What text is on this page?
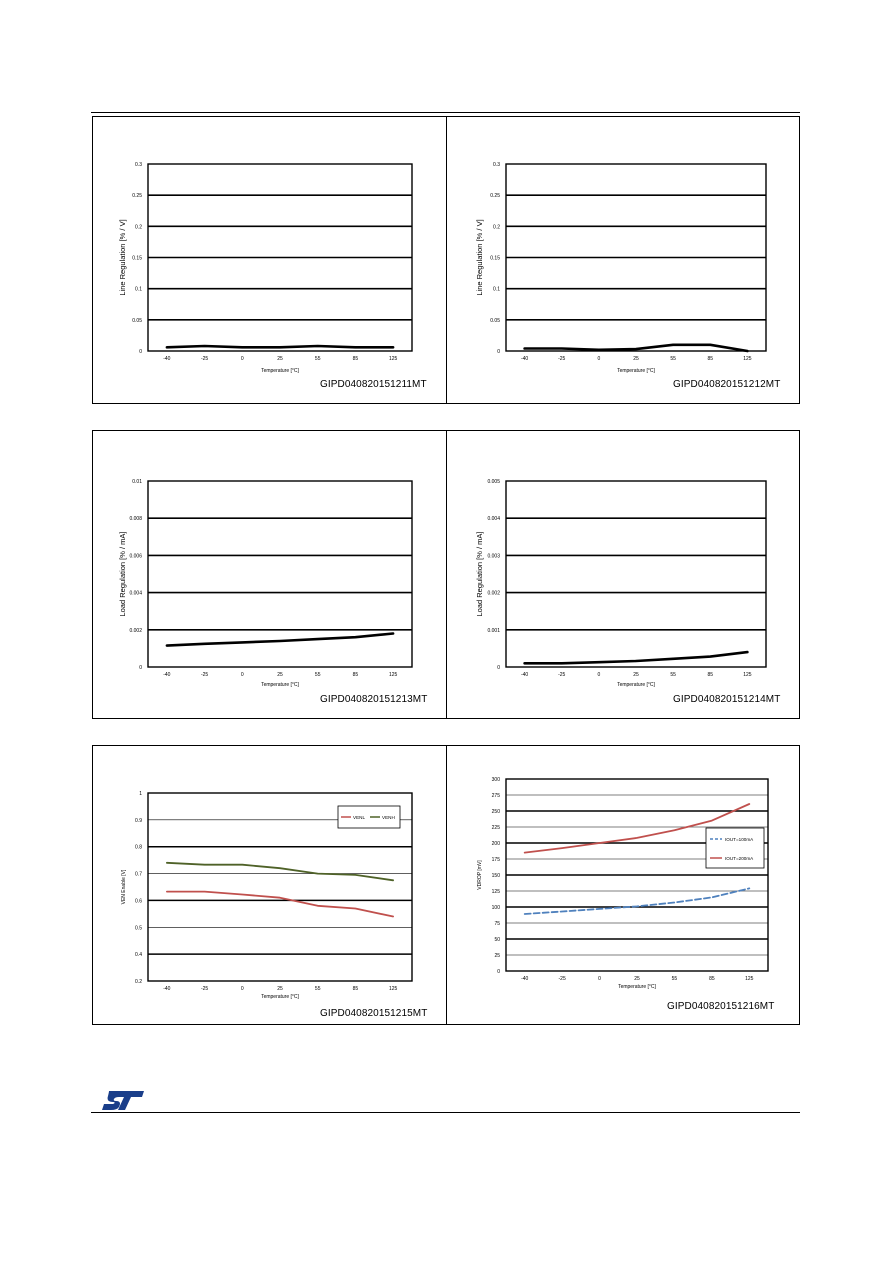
0
0.05
0.1
0.15
0.2
0.25
0.3
-40	-25	0	25	55	85	125
Temperature [°C]
Line Regulation [% / V]
0
0.05
0.1
0.15
0.2
0.25
0.3
-40	-25	0	25	55	85	125
Temperature [°C]
Line Regulation [% / V]
0
0.002
0.004
0.006
0.008
0.01
-40	-25	0	25	55	85	125
Temperature [°C]
Load Regulation [% / mA]
0
0.001
0.002
0.003
0.004
0.005
-40	-25	0	25	55	85	125
Temperature [°C]
Load Regulation [% / mA]
0.2
0.4
0.5
0.6
0.7
0.8
0.9
1
-40	-25	0	25	55	85	125
Temperature [°C]
VEN Enable [V]
VENL	VENH
0
25
50
75
100
125
150
175
200
225
250
275
300
-40	-25	0	25	55	85	125
Temperature [°C]
VDROP [mV]
IOUT=100mA
IOUT=200mA
GIPD040820151211MT	GIPD040820151212MT
GIPD040820151213MT	GIPD040820151214MT
GIPD040820151215MT
GIPD040820151216MT
